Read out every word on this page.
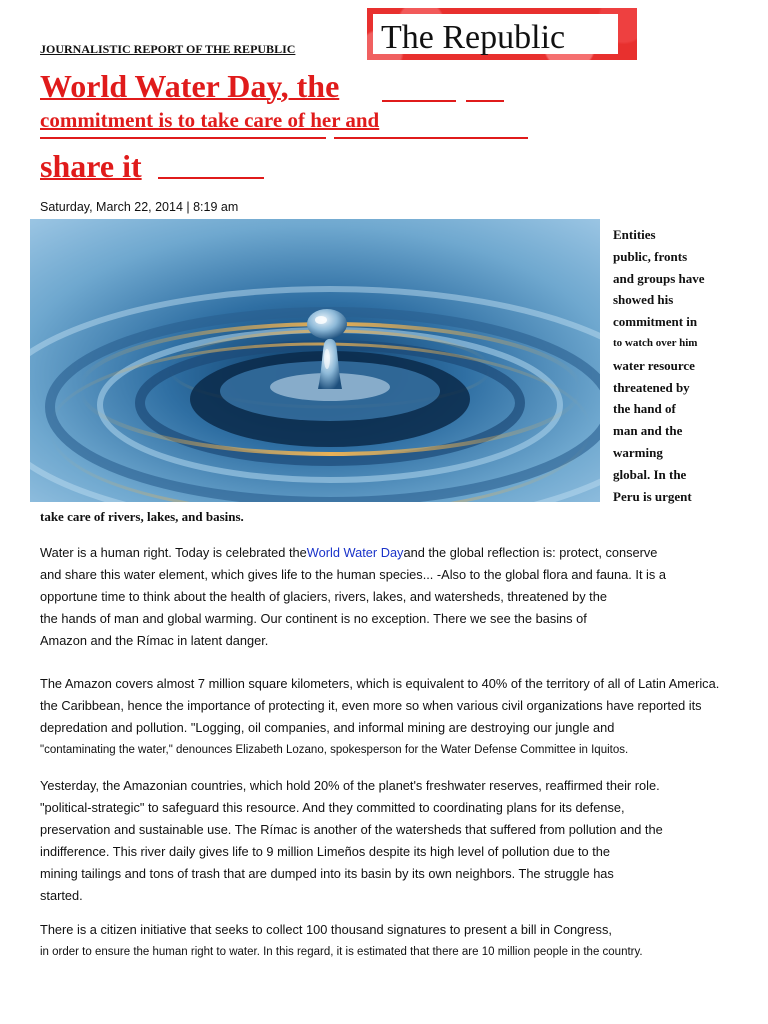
The Republic
JOURNALISTIC REPORT OF THE REPUBLIC
World Water Day, the
commitment is to take care of her and
share it
Saturday, March 22, 2014 | 8:19 am
Entities
public, fronts
and groups have
showed his
commitment in
to watch over him
water resource
threatened by
the hand of
man and the
warming
global. In the
Peru is urgent
take care of rivers, lakes, and basins.
Water is a human right. Today is celebrated theWorld Water Dayand the global reflection is: protect, conserve
and share this water element, which gives life to the human species... -Also to the global flora and fauna. It is a
opportune time to think about the health of glaciers, rivers, lakes, and watersheds, threatened by the
the hands of man and global warming. Our continent is no exception. There we see the basins of
Amazon and the Rímac in latent danger.
The Amazon covers almost 7 million square kilometers, which is equivalent to 40% of the territory of all of Latin America.
the Caribbean, hence the importance of protecting it, even more so when various civil organizations have reported its
depredation and pollution. "Logging, oil companies, and informal mining are destroying our jungle and
"contaminating the water," denounces Elizabeth Lozano, spokesperson for the Water Defense Committee in Iquitos.
Yesterday, the Amazonian countries, which hold 20% of the planet's freshwater reserves, reaffirmed their role.
"political-strategic" to safeguard this resource. And they committed to coordinating plans for its defense,
preservation and sustainable use. The Rímac is another of the watersheds that suffered from pollution and the
indifference. This river daily gives life to 9 million Limeños despite its high level of pollution due to the
mining tailings and tons of trash that are dumped into its basin by its own neighbors. The struggle has
started.
There is a citizen initiative that seeks to collect 100 thousand signatures to present a bill in Congress,
in order to ensure the human right to water. In this regard, it is estimated that there are 10 million people in the country.
